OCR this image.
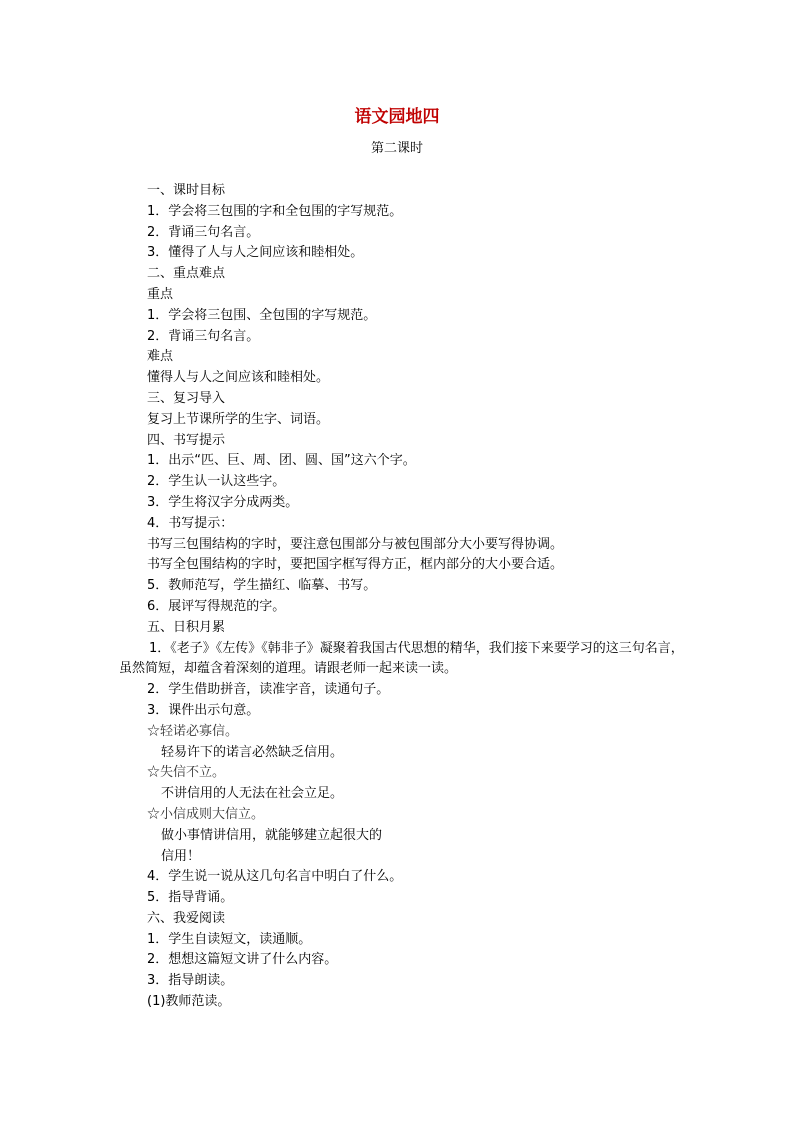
语文园地四
第二课时
一、课时目标
1．学会将三包围的字和全包围的字写规范。
2．背诵三句名言。
3．懂得了人与人之间应该和睦相处。
二、重点难点
重点
1．学会将三包围、全包围的字写规范。
2．背诵三句名言。
难点
懂得人与人之间应该和睦相处。
三、复习导入
复习上节课所学的生字、词语。
四、书写提示
1．出示“匹、巨、周、团、圆、国”这六个字。
2．学生认一认这些字。
3．学生将汉字分成两类。
4．书写提示：
书写三包围结构的字时，要注意包围部分与被包围部分大小要写得协调。
书写全包围结构的字时，要把国字框写得方正，框内部分的大小要合适。
5．教师范写，学生描红、临摹、书写。
6．展评写得规范的字。
五、日积月累
1．《老子》《左传》《韩非子》凝聚着我国古代思想的精华，我们接下来要学习的这三句名言，虽然简短，却蕴含着深刻的道理。请跟老师一起来读一读。
2．学生借助拼音，读准字音，读通句子。
3．课件出示句意。
☆轻诺必寡信。
轻易许下的诺言必然缺乏信用。
☆失信不立。
不讲信用的人无法在社会立足。
☆小信成则大信立。
做小事情讲信用，就能够建立起很大的
信用！
4．学生说一说从这几句名言中明白了什么。
5．指导背诵。
六、我爱阅读
1．学生自读短文，读通顺。
2．想想这篇短文讲了什么内容。
3．指导朗读。
(1)教师范读。
